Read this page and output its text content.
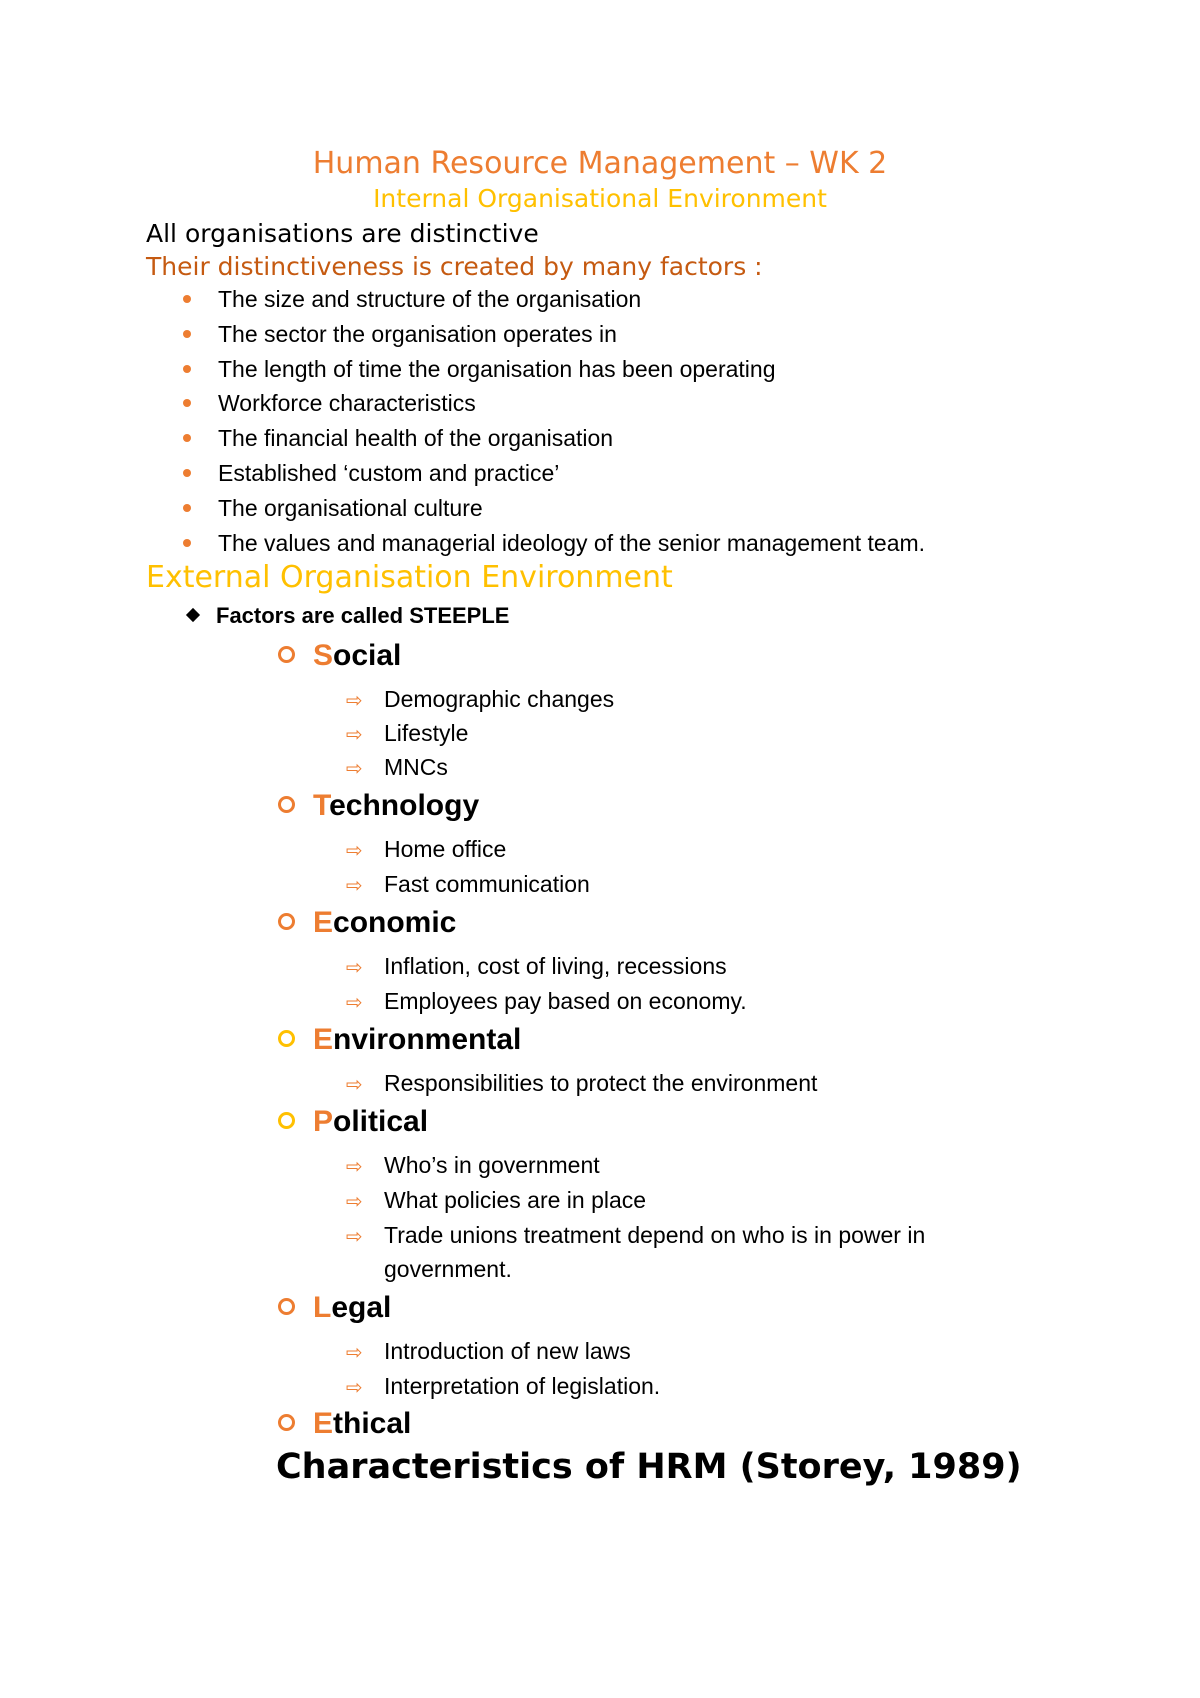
Human Resource Management – WK 2
Internal Organisational Environment
All organisations are distinctive
Their distinctiveness is created by many factors :
The size and structure of the organisation
The sector the organisation operates in
The length of time the organisation has been operating
Workforce characteristics
The financial health of the organisation
Established ‘custom and practice’
The organisational culture
The values and managerial ideology of the senior management team.
External Organisation Environment
Factors are called STEEPLE
Social
⇨ Demographic changes
⇨ Lifestyle
⇨ MNCs
Technology
⇨ Home office
⇨ Fast communication
Economic
⇨ Inflation, cost of living, recessions
⇨ Employees pay based on economy.
Environmental
⇨ Responsibilities to protect the environment
Political
⇨ Who’s in government
⇨ What policies are in place
⇨ Trade unions treatment depend on who is in power in
government.
Legal
⇨ Introduction of new laws
⇨ Interpretation of legislation.
Ethical
Characteristics of HRM (Storey, 1989)
